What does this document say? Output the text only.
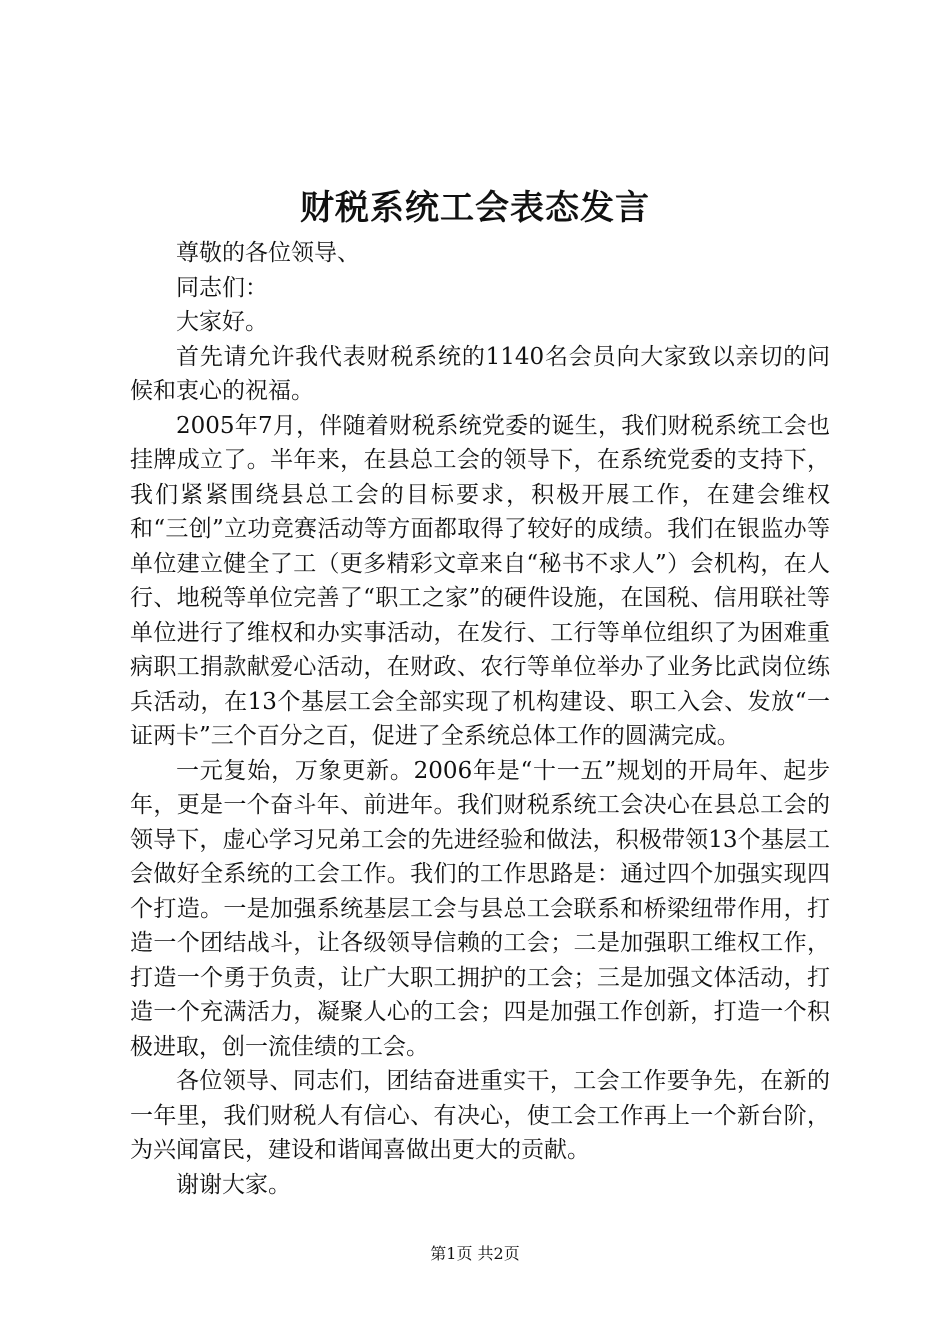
财税系统工会表态发言

尊敬的各位领导、

同志们：

大家好。

首先请允许我代表财税系统的1140名会员向大家致以亲切的问候和衷心的祝福。

2005年7月，伴随着财税系统党委的诞生，我们财税系统工会也挂牌成立了。半年来，在县总工会的领导下，在系统党委的支持下，我们紧紧围绕县总工会的目标要求，积极开展工作，在建会维权和“三创”立功竞赛活动等方面都取得了较好的成绩。我们在银监办等单位建立健全了工（更多精彩文章来自“秘书不求人”）会机构，在人行、地税等单位完善了“职工之家”的硬件设施，在国税、信用联社等单位进行了维权和办实事活动，在发行、工行等单位组织了为困难重病职工捐款献爱心活动，在财政、农行等单位举办了业务比武岗位练兵活动，在13个基层工会全部实现了机构建设、职工入会、发放“一证两卡”三个百分之百，促进了全系统总体工作的圆满完成。

一元复始，万象更新。2006年是“十一五”规划的开局年、起步年，更是一个奋斗年、前进年。我们财税系统工会决心在县总工会的领导下，虚心学习兄弟工会的先进经验和做法，积极带领13个基层工会做好全系统的工会工作。我们的工作思路是：通过四个加强实现四个打造。一是加强系统基层工会与县总工会联系和桥梁纽带作用，打造一个团结战斗，让各级领导信赖的工会；二是加强职工维权工作，打造一个勇于负责，让广大职工拥护的工会；三是加强文体活动，打造一个充满活力，凝聚人心的工会；四是加强工作创新，打造一个积极进取，创一流佳绩的工会。

各位领导、同志们，团结奋进重实干，工会工作要争先，在新的一年里，我们财税人有信心、有决心，使工会工作再上一个新台阶，为兴闻富民，建设和谐闻喜做出更大的贡献。

谢谢大家。

第1页 共2页
